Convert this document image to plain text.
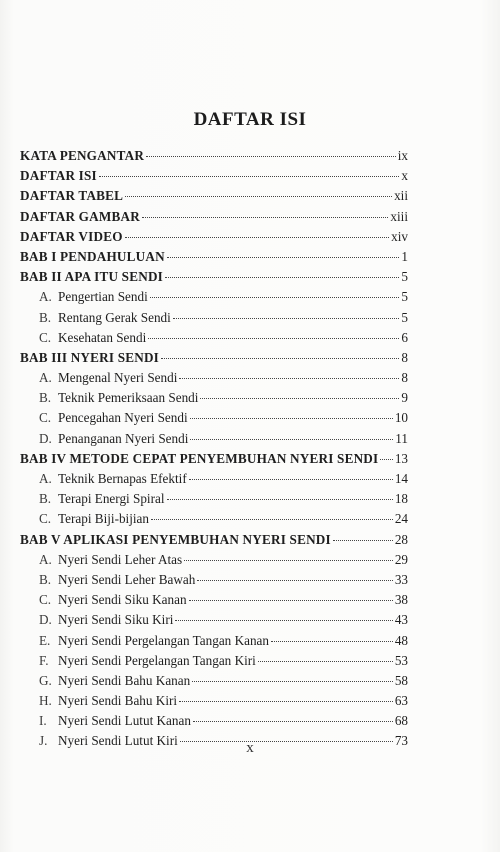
DAFTAR ISI
KATA PENGANTAR	ix
DAFTAR ISI	x
DAFTAR TABEL	xii
DAFTAR GAMBAR	xiii
DAFTAR VIDEO	xiv
BAB I PENDAHULUAN	1
BAB II APA ITU SENDI	5
A. Pengertian Sendi	5
B. Rentang Gerak Sendi	5
C. Kesehatan Sendi	6
BAB III NYERI SENDI	8
A. Mengenal Nyeri Sendi	8
B. Teknik Pemeriksaan Sendi	9
C. Pencegahan Nyeri Sendi	10
D. Penanganan Nyeri Sendi	11
BAB IV METODE CEPAT PENYEMBUHAN NYERI SENDI 13
A. Teknik Bernapas Efektif	14
B. Terapi Energi Spiral	18
C. Terapi Biji-bijian	24
BAB V APLIKASI PENYEMBUHAN NYERI SENDI	28
A. Nyeri Sendi Leher Atas	29
B. Nyeri Sendi Leher Bawah	33
C. Nyeri Sendi Siku Kanan	38
D. Nyeri Sendi Siku Kiri	43
E. Nyeri Sendi Pergelangan Tangan Kanan	48
F. Nyeri Sendi Pergelangan Tangan Kiri	53
G. Nyeri Sendi Bahu Kanan	58
H. Nyeri Sendi Bahu Kiri	63
I. Nyeri Sendi Lutut Kanan	68
J. Nyeri Sendi Lutut Kiri	73
x
